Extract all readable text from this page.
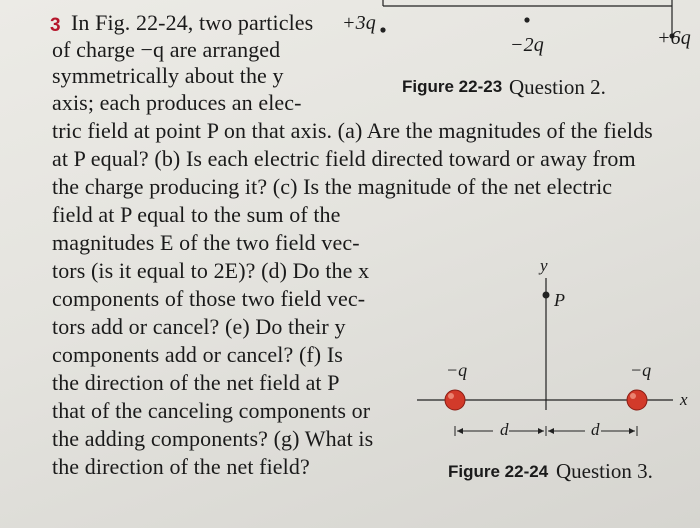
+3q
−2q	+6q
Figure 22-23 Question 2.
3 In Fig. 22-24, two particles
of charge −q are arranged
symmetrically about the y
axis; each produces an elec-
tric field at point P on that axis. (a) Are the magnitudes of the fields
at P equal? (b) Is each electric field directed toward or away from
the charge producing it? (c) Is the magnitude of the net electric
field at P equal to the sum of the
magnitudes E of the two field vec-
tors (is it equal to 2E)? (d) Do the x
components of those two field vec-
tors add or cancel? (e) Do their y
components add or cancel? (f) Is
the direction of the net field at P
that of the canceling components or
the adding components? (g) What is
the direction of the net field?
y
x
P
−q	−q
d	d
Figure 22-24 Question 3.
